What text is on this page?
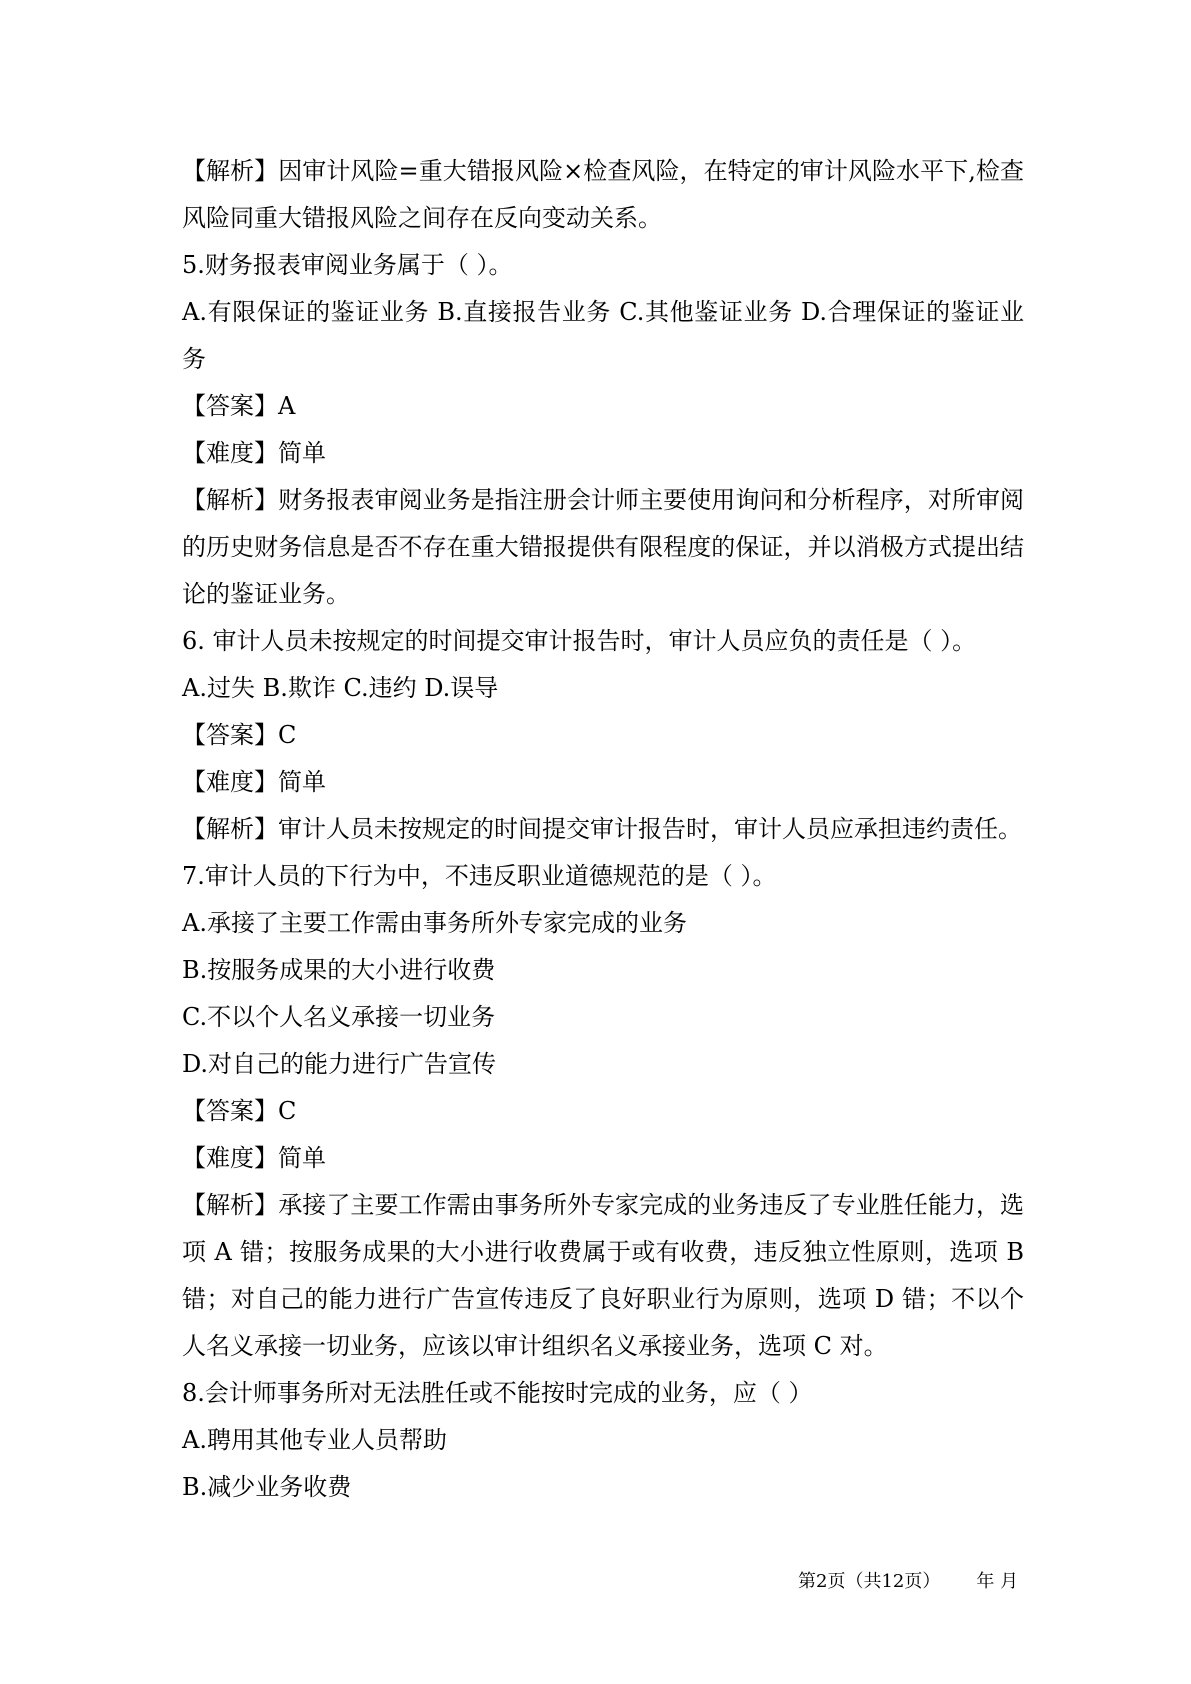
【解析】因审计风险=重大错报风险×检查风险，在特定的审计风险水平下,检查
风险同重大错报风险之间存在反向变动关系。
5.财务报表审阅业务属于（ ）。
A.有限保证的鉴证业务 B.直接报告业务 C.其他鉴证业务 D.合理保证的鉴证业
务
【答案】A
【难度】简单
【解析】财务报表审阅业务是指注册会计师主要使用询问和分析程序，对所审阅
的历史财务信息是否不存在重大错报提供有限程度的保证，并以消极方式提出结
论的鉴证业务。
6. 审计人员未按规定的时间提交审计报告时，审计人员应负的责任是（ ）。
A.过失 B.欺诈 C.违约 D.误导
【答案】C
【难度】简单
【解析】审计人员未按规定的时间提交审计报告时，审计人员应承担违约责任。
7.审计人员的下行为中，不违反职业道德规范的是（ ）。
A.承接了主要工作需由事务所外专家完成的业务
B.按服务成果的大小进行收费
C.不以个人名义承接一切业务
D.对自己的能力进行广告宣传
【答案】C
【难度】简单
【解析】承接了主要工作需由事务所外专家完成的业务违反了专业胜任能力，选
项 A 错；按服务成果的大小进行收费属于或有收费，违反独立性原则，选项 B
错；对自己的能力进行广告宣传违反了良好职业行为原则，选项 D 错；不以个
人名义承接一切业务，应该以审计组织名义承接业务，选项 C 对。
8.会计师事务所对无法胜任或不能按时完成的业务，应（ ）
A.聘用其他专业人员帮助
B.减少业务收费
第2页（共12页） 年 月
